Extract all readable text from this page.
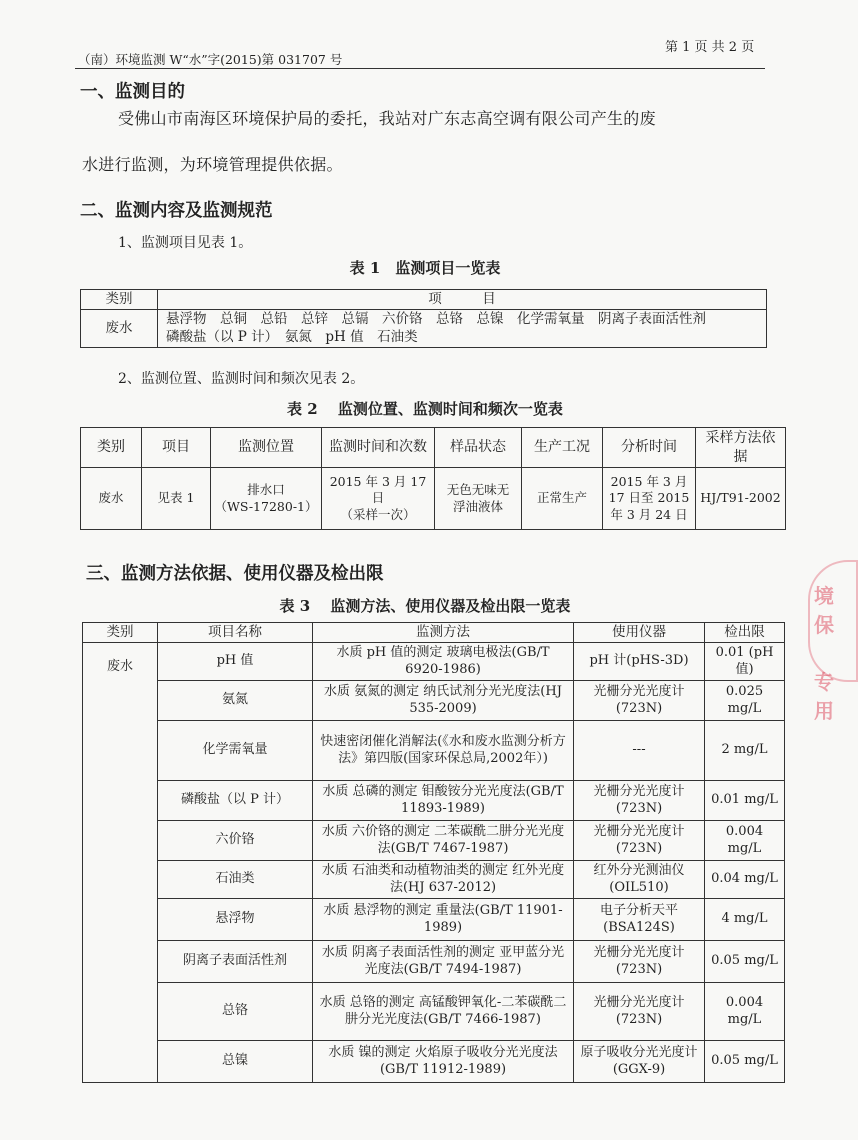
（南）环境监测 W“水”字(2015)第 031707 号
第 1 页 共 2 页
一、监测目的

受佛山市南海区环境保护局的委托，我站对广东志高空调有限公司产生的废

水进行监测，为环境管理提供依据。

二、监测内容及监测规范

1、监测项目见表 1。

表 1　监测项目一览表
类别	项　　　目
废水	悬浮物　总铜　总铅　总锌　总镉　六价铬　总铬　总镍　化学需氧量　阴离子表面活性剂
磷酸盐（以 P 计）　氨氮　pH 值　石油类

2、监测位置、监测时间和频次见表 2。

表 2　 监测位置、监测时间和频次一览表
类别	项目	监测位置	监测时间和次数	样品状态	生产工况	分析时间	采样方法依据
废水	见表 1	排水口
（WS-17280-1）	2015 年 3 月 17 日
（采样一次）	无色无味无
浮油液体	正常生产	2015 年 3 月
17 日至 2015
年 3 月 24 日	HJ/T91-2002
三、监测方法依据、使用仪器及检出限
表 3　 监测方法、使用仪器及检出限一览表
类别	项目名称	监测方法	使用仪器	检出限
废水	pH 值	水质 pH 值的测定 玻璃电极法(GB/T 6920-1986)	pH 计(pHS-3D)	0.01 (pH 值)
	氨氮	水质 氨氮的测定 纳氏试剂分光光度法(HJ 535-2009)	光栅分光光度计(723N)	0.025 mg/L
	化学需氧量	快速密闭催化消解法(《水和废水监测分析方法》第四版(国家环保总局,2002年）)	---	2 mg/L
	磷酸盐（以 P 计）	水质 总磷的测定 钼酸铵分光光度法(GB/T 11893-1989)	光栅分光光度计(723N)	0.01 mg/L
	六价铬	水质 六价铬的测定 二苯碳酰二肼分光光度法(GB/T 7467-1987)	光栅分光光度计(723N)	0.004 mg/L
	石油类	水质 石油类和动植物油类的测定 红外光度法(HJ 637-2012)	红外分光测油仪(OIL510)	0.04 mg/L
	悬浮物	水质 悬浮物的测定 重量法(GB/T 11901-1989)	电子分析天平(BSA124S)	4 mg/L
	阴离子表面活性剂	水质 阴离子表面活性剂的测定 亚甲蓝分光光度法(GB/T 7494-1987)	光栅分光光度计(723N)	0.05 mg/L
	总铬	水质 总铬的测定 高锰酸钾氧化-二苯碳酰二肼分光光度法(GB/T 7466-1987)	光栅分光光度计(723N)	0.004 mg/L
	总镍	水质 镍的测定 火焰原子吸收分光光度法(GB/T 11912-1989)	原子吸收分光光度计(GGX-9)	0.05 mg/L
境保
专用
